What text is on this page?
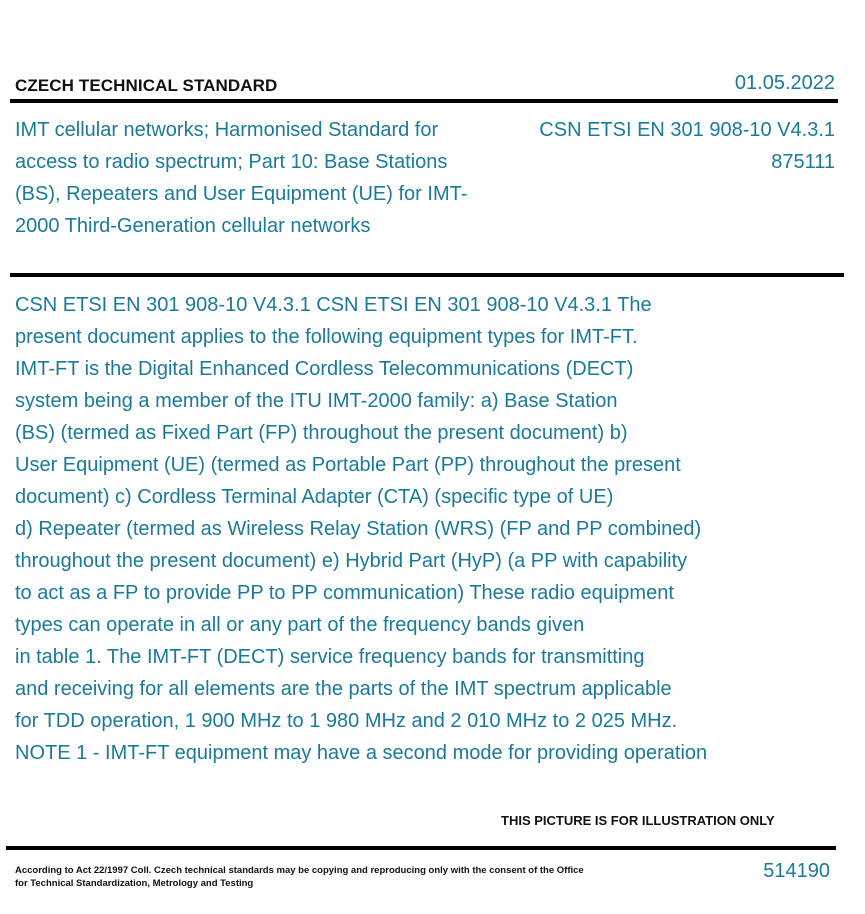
CZECH TECHNICAL STANDARD	01.05.2022
IMT cellular networks; Harmonised Standard for access to radio spectrum; Part 10: Base Stations (BS), Repeaters and User Equipment (UE) for IMT-2000 Third-Generation cellular networks
CSN ETSI EN 301 908-10 V4.3.1
875111
CSN ETSI EN 301 908-10 V4.3.1 CSN ETSI EN 301 908-10 V4.3.1 The
present document applies to the following equipment types for IMT-FT.
IMT-FT is the Digital Enhanced Cordless Telecommunications (DECT)
system being a member of the ITU IMT-2000 family: a) Base Station
(BS) (termed as Fixed Part (FP) throughout the present document) b)
User Equipment (UE) (termed as Portable Part (PP) throughout the present
document) c) Cordless Terminal Adapter (CTA) (specific type of UE)
d) Repeater (termed as Wireless Relay Station (WRS) (FP and PP combined)
throughout the present document) e) Hybrid Part (HyP) (a PP with capability
to act as a FP to provide PP to PP communication) These radio equipment
types can operate in all or any part of the frequency bands given
in table 1. The IMT-FT (DECT) service frequency bands for transmitting
and receiving for all elements are the parts of the IMT spectrum applicable
for TDD operation, 1 900 MHz to 1 980 MHz and 2 010 MHz to 2 025 MHz.
NOTE 1 - IMT-FT equipment may have a second mode for providing operation
THIS PICTURE IS FOR ILLUSTRATION ONLY
According to Act 22/1997 Coll. Czech technical standards may be copying and reproducing only with the consent of the Office for Technical Standardization, Metrology and Testing
514190
